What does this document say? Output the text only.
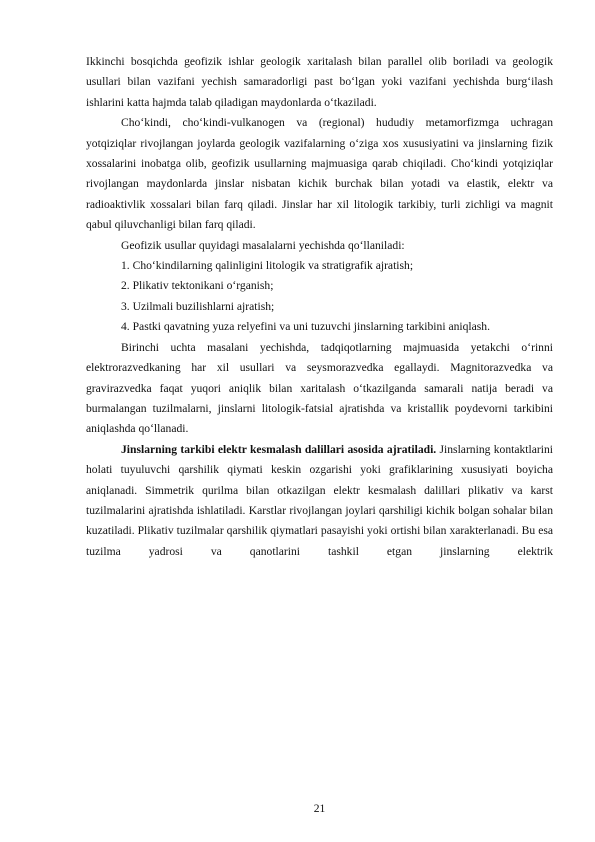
Ikkinchi bosqichda geofizik ishlar geologik xaritalash bilan parallel olib boriladi va geologik usullari bilan vazifani yechish samaradorligi past bo‘lgan yoki vazifani yechishda burg‘ilash ishlarini katta hajmda talab qiladigan maydonlarda o‘tkaziladi.

Cho‘kindi, cho‘kindi-vulkanogen va (regional) hududiy metamorfizmga uchragan yotqiziqlar rivojlangan joylarda geologik vazifalarning o‘ziga xos xususiyatini va jinslarning fizik xossalarini inobatga olib, geofizik usullarning majmuasiga qarab chiqiladi. Cho‘kindi yotqiziqlar rivojlangan maydonlarda jinslar nisbatan kichik burchak bilan yotadi va elastik, elektr va radioaktivlik xossalari bilan farq qiladi. Jinslar har xil litologik tarkibiy, turli zichligi va magnit qabul qiluvchanligi bilan farq qiladi.

Geofizik usullar quyidagi masalalarni yechishda qo‘llaniladi:

1. Cho‘kindilarning qalinligini litologik va stratigrafik ajratish;

2. Plikativ tektonikani o‘rganish;

3. Uzilmali buzilishlarni ajratish;

4. Pastki qavatning yuza relyefini va uni tuzuvchi jinslarning tarkibini aniqlash.

Birinchi uchta masalani yechishda, tadqiqotlarning majmuasida yetakchi o‘rinni elektrorazvedkaning har xil usullari va seysmorazvedka egallaydi. Magnitorazvedka va gravirazvedka faqat yuqori aniqlik bilan xaritalash o‘tkazilganda samarali natija beradi va burmalangan tuzilmalarni, jinslarni litologik-fatsial ajratishda va kristallik poydevorni tarkibini aniqlashda qo‘llanadi.

Jinslarning tarkibi elektr kesmalash dalillari asosida ajratiladi. Jinslarning kontaktlarini holati tuyuluvchi qarshilik qiymati keskin ozgarishi yoki grafiklarining xususiyati boyicha aniqlanadi. Simmetrik qurilma bilan otkazilgan elektr kesmalash dalillari plikativ va karst tuzilmalarini ajratishda ishlatiladi. Karstlar rivojlangan joylari qarshiligi kichik bolgan sohalar bilan kuzatiladi. Plikativ tuzilmalar qarshilik qiymatlari pasayishi yoki ortishi bilan xarakterlanadi. Bu esa tuzilma yadrosi va qanotlarini tashkil etgan jinslarning elektrik

21
